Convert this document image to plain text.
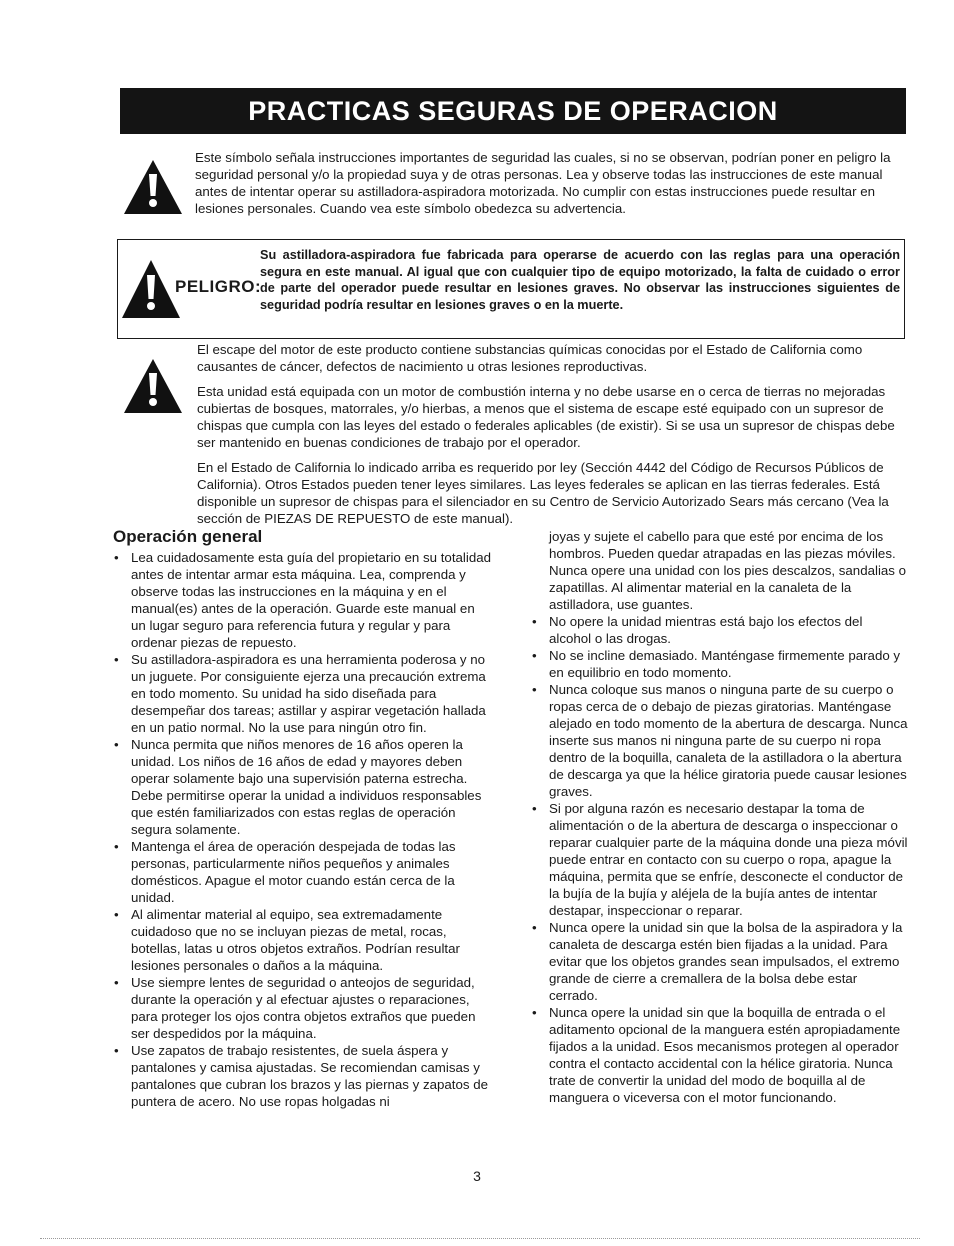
PRACTICAS SEGURAS DE OPERACION

Este símbolo señala instrucciones importantes de seguridad las cuales, si no se observan, podrían poner en peligro la seguridad personal y/o la propiedad suya y de otras personas. Lea y observe todas las instrucciones de este manual antes de intentar operar su astilladora-aspiradora motorizada. No cumplir con estas instrucciones puede resultar en lesiones personales. Cuando vea este símbolo obedezca su advertencia.

PELIGRO:

Su astilladora-aspiradora fue fabricada para operarse de acuerdo con las reglas para una operación segura en este manual. Al igual que con cualquier tipo de equipo motorizado, la falta de cuidado o error de parte del operador puede resultar en lesiones graves. No observar las instrucciones siguientes de seguridad podría resultar en lesiones graves o en la muerte.

El escape del motor de este producto contiene substancias químicas conocidas por el Estado de California como causantes de cáncer, defectos de nacimiento u otras lesiones reproductivas.

Esta unidad está equipada con un motor de combustión interna y no debe usarse en o cerca de tierras no mejoradas cubiertas de bosques, matorrales, y/o hierbas, a menos que el sistema de escape esté equipado con un supresor de chispas que cumpla con las leyes del estado o federales aplicables (de existir). Si se usa un supresor de chispas debe ser mantenido en buenas condiciones de trabajo por el operador.

En el Estado de California lo indicado arriba es requerido por ley (Sección 4442 del Código de Recursos Públicos de California). Otros Estados pueden tener leyes similares. Las leyes federales se aplican en las tierras federales. Está disponible un supresor de chispas para el silenciador en su Centro de Servicio Autorizado Sears más cercano (Vea la sección de PIEZAS DE REPUESTO de este manual).

Operación general
• Lea cuidadosamente esta guía del propietario en su totalidad antes de intentar armar esta máquina. Lea, comprenda y observe todas las instrucciones en la máquina y en el manual(es) antes de la operación. Guarde este manual en un lugar seguro para referencia futura y regular y para ordenar piezas de repuesto.
• Su astilladora-aspiradora es una herramienta poderosa y no un juguete. Por consiguiente ejerza una precaución extrema en todo momento. Su unidad ha sido diseñada para desempeñar dos tareas; astillar y aspirar vegetación hallada en un patio normal. No la use para ningún otro fin.
• Nunca permita que niños menores de 16 años operen la unidad. Los niños de 16 años de edad y mayores deben operar solamente bajo una supervisión paterna estrecha. Debe permitirse operar la unidad a individuos responsables que estén familiarizados con estas reglas de operación segura solamente.
• Mantenga el área de operación despejada de todas las personas, particularmente niños pequeños y animales domésticos. Apague el motor cuando están cerca de la unidad.
• Al alimentar material al equipo, sea extremadamente cuidadoso que no se incluyan piezas de metal, rocas, botellas, latas u otros objetos extraños. Podrían resultar lesiones personales o daños a la máquina.
• Use siempre lentes de seguridad o anteojos de seguridad, durante la operación y al efectuar ajustes o reparaciones, para proteger los ojos contra objetos extraños que pueden ser despedidos por la máquina.
• Use zapatos de trabajo resistentes, de suela áspera y pantalones y camisa ajustadas. Se recomiendan camisas y pantalones que cubran los brazos y las piernas y zapatos de puntera de acero. No use ropas holgadas ni
joyas y sujete el cabello para que esté por encima de los hombros. Pueden quedar atrapadas en las piezas móviles. Nunca opere una unidad con los pies descalzos, sandalias o zapatillas. Al alimentar material en la canaleta de la astilladora, use guantes.
• No opere la unidad mientras está bajo los efectos del alcohol o las drogas.
• No se incline demasiado. Manténgase firmemente parado y en equilibrio en todo momento.
• Nunca coloque sus manos o ninguna parte de su cuerpo o ropas cerca de o debajo de piezas giratorias. Manténgase alejado en todo momento de la abertura de descarga. Nunca inserte sus manos ni ninguna parte de su cuerpo ni ropa dentro de la boquilla, canaleta de la astilladora o la abertura de descarga ya que la hélice giratoria puede causar lesiones graves.
• Si por alguna razón es necesario destapar la toma de alimentación o de la abertura de descarga o inspeccionar o reparar cualquier parte de la máquina donde una pieza móvil puede entrar en contacto con su cuerpo o ropa, apague la máquina, permita que se enfríe, desconecte el conductor de la bujía de la bujía y aléjela de la bujía antes de intentar destapar, inspeccionar o reparar.
• Nunca opere la unidad sin que la bolsa de la aspiradora y la canaleta de descarga estén bien fijadas a la unidad. Para evitar que los objetos grandes sean impulsados, el extremo grande de cierre a cremallera de la bolsa debe estar cerrado.
• Nunca opere la unidad sin que la boquilla de entrada o el aditamento opcional de la manguera estén apropiadamente fijados a la unidad. Esos mecanismos protegen al operador contra el contacto accidental con la hélice giratoria. Nunca trate de convertir la unidad del modo de boquilla al de manguera o viceversa con el motor funcionando.
3
